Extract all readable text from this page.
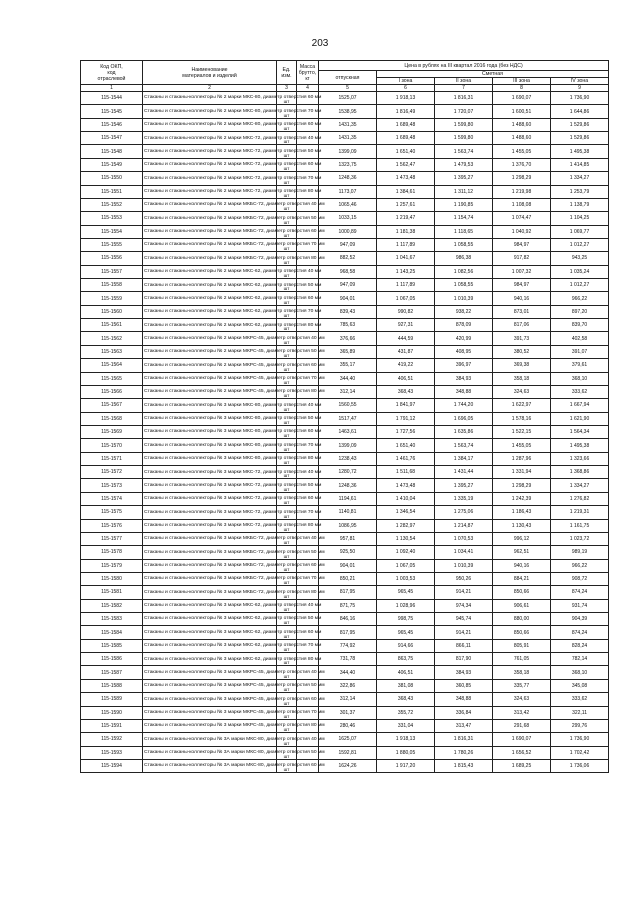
203
Код ОКП,
код
отраслевой	Наименование
материалов и изделий	Ед.
изм.	Масса
брутто,
кг	Цена в рублях на III квартал 2016 года (без НДС)				
				отпускная	Сметная			
					I зона	II зона	III зона	IV зона
1	2	3	4	5	6	7	8	9
115-1544	Стаканы и стаканы-коллекторы № 2 марки МКС-80, диаметр отверстия 60 мм	шт		1525,07	1 918,13	1 816,31	1 690,07	1 736,90
115-1545	Стаканы и стаканы-коллекторы № 2 марки МКС-80, диаметр отверстия 70 мм	шт		1538,95	1 816,49	1 720,07	1 600,51	1 644,86
115-1546	Стаканы и стаканы-коллекторы № 2 марки МКС-80, диаметр отверстия 60 мм	шт		1431,35	1 689,48	1 599,80	1 488,60	1 529,86
115-1547	Стаканы и стаканы-коллекторы № 2 марки МКС-72, диаметр отверстия 40 мм	шт		1431,35	1 689,48	1 599,80	1 488,60	1 529,86
115-1548	Стаканы и стаканы-коллекторы № 2 марки МКС-72, диаметр отверстия 50 мм	шт		1399,09	1 651,40	1 563,74	1 455,05	1 495,38
115-1549	Стаканы и стаканы-коллекторы № 2 марки МКС-72, диаметр отверстия 60 мм	шт		1323,75	1 562,47	1 479,53	1 376,70	1 414,85
115-1550	Стаканы и стаканы-коллекторы № 2 марки МКС-72, диаметр отверстия 70 мм	шт		1248,36	1 473,48	1 395,27	1 298,29	1 334,27
115-1551	Стаканы и стаканы-коллекторы № 2 марки МКС-72, диаметр отверстия 80 мм	шт		1173,07	1 384,61	1 311,12	1 219,98	1 253,79
115-1552	Стаканы и стаканы-коллекторы № 2 марки МКБС-72, диаметр отверстия 40 мм	шт		1065,46	1 257,61	1 190,85	1 108,08	1 138,79
115-1553	Стаканы и стаканы-коллекторы № 2 марки МКБС-72, диаметр отверстия 50 мм	шт		1033,15	1 219,47	1 154,74	1 074,47	1 104,25
115-1554	Стаканы и стаканы-коллекторы № 2 марки МКБС-72, диаметр отверстия 60 мм	шт		1000,89	1 181,38	1 118,65	1 040,92	1 069,77
115-1555	Стаканы и стаканы-коллекторы № 2 марки МКБС-72, диаметр отверстия 70 мм	шт		947,09	1 117,89	1 058,55	984,97	1 012,27
115-1556	Стаканы и стаканы-коллекторы № 2 марки МКБС-72, диаметр отверстия 80 мм	шт		882,52	1 041,67	986,38	917,82	943,25
115-1557	Стаканы и стаканы-коллекторы № 2 марки МКС-62, диаметр отверстия 40 мм	шт		968,58	1 143,25	1 082,56	1 007,32	1 035,24
115-1558	Стаканы и стаканы-коллекторы № 2 марки МКС-62, диаметр отверстия 50 мм	шт		947,09	1 117,89	1 058,55	984,97	1 012,27
115-1559	Стаканы и стаканы-коллекторы № 2 марки МКС-62, диаметр отверстия 60 мм	шт		904,01	1 067,05	1 010,39	940,16	966,22
115-1560	Стаканы и стаканы-коллекторы № 2 марки МКС-62, диаметр отверстия 70 мм	шт		839,43	990,82	938,22	873,01	897,20
115-1561	Стаканы и стаканы-коллекторы № 2 марки МКС-62, диаметр отверстия 80 мм	шт		785,63	927,31	878,09	817,06	839,70
115-1562	Стаканы и стаканы-коллекторы № 2 марки МКРС-45, диаметр отверстия 40 мм	шт		376,66	444,59	420,99	391,73	402,58
115-1563	Стаканы и стаканы-коллекторы № 2 марки МКРС-45, диаметр отверстия 50 мм	шт		365,89	431,87	408,95	380,52	391,07
115-1564	Стаканы и стаканы-коллекторы № 2 марки МКРС-45, диаметр отверстия 60 мм	шт		355,17	419,22	396,97	369,38	379,61
115-1565	Стаканы и стаканы-коллекторы № 2 марки МКРС-45, диаметр отверстия 70 мм	шт		344,40	406,51	384,93	358,18	368,10
115-1566	Стаканы и стаканы-коллекторы № 2 марки МКРС-45, диаметр отверстия 80 мм	шт		312,14	368,43	348,88	324,63	333,62
115-1567	Стаканы и стаканы-коллекторы № 3 марки МКС-80, диаметр отверстия 40 мм	шт		1560,55	1 841,97	1 744,20	1 622,97	1 667,94
115-1568	Стаканы и стаканы-коллекторы № 3 марки МКС-80, диаметр отверстия 50 мм	шт		1517,47	1 791,12	1 696,05	1 578,16	1 621,90
115-1569	Стаканы и стаканы-коллекторы № 3 марки МКС-80, диаметр отверстия 60 мм	шт		1463,61	1 727,56	1 635,86	1 522,15	1 564,34
115-1570	Стаканы и стаканы-коллекторы № 3 марки МКС-80, диаметр отверстия 70 мм	шт		1399,09	1 651,40	1 563,74	1 455,05	1 495,38
115-1571	Стаканы и стаканы-коллекторы № 3 марки МКС-80, диаметр отверстия 80 мм	шт		1238,43	1 461,76	1 384,17	1 287,96	1 323,66
115-1572	Стаканы и стаканы-коллекторы № 3 марки МКС-72, диаметр отверстия 40 мм	шт		1280,72	1 511,68	1 431,44	1 331,94	1 368,86
115-1573	Стаканы и стаканы-коллекторы № 3 марки МКС-72, диаметр отверстия 50 мм	шт		1248,36	1 473,48	1 395,27	1 298,29	1 334,27
115-1574	Стаканы и стаканы-коллекторы № 3 марки МКС-72, диаметр отверстия 60 мм	шт		1194,61	1 410,04	1 335,19	1 242,39	1 276,82
115-1575	Стаканы и стаканы-коллекторы № 3 марки МКС-72, диаметр отверстия 70 мм	шт		1140,81	1 346,54	1 275,06	1 186,43	1 219,31
115-1576	Стаканы и стаканы-коллекторы № 3 марки МКС-72, диаметр отверстия 80 мм	шт		1086,95	1 282,97	1 214,87	1 130,43	1 161,75
115-1577	Стаканы и стаканы-коллекторы № 3 марки МКБС-72, диаметр отверстия 40 мм	шт		957,81	1 130,54	1 070,53	996,12	1 023,72
115-1578	Стаканы и стаканы-коллекторы № 3 марки МКБС-72, диаметр отверстия 50 мм	шт		925,50	1 092,40	1 034,41	962,51	989,19
115-1579	Стаканы и стаканы-коллекторы № 3 марки МКБС-72, диаметр отверстия 60 мм	шт		904,01	1 067,05	1 010,39	940,16	966,22
115-1580	Стаканы и стаканы-коллекторы № 3 марки МКБС-72, диаметр отверстия 70 мм	шт		850,21	1 003,53	950,26	884,21	908,72
115-1581	Стаканы и стаканы-коллекторы № 3 марки МКБС-72, диаметр отверстия 80 мм	шт		817,95	965,45	914,21	850,66	874,24
115-1582	Стаканы и стаканы-коллекторы № 3 марки МКС-62, диаметр отверстия 40 мм	шт		871,75	1 028,96	974,34	906,61	931,74
115-1583	Стаканы и стаканы-коллекторы № 3 марки МКС-62, диаметр отверстия 50 мм	шт		846,16	998,75	945,74	880,00	904,39
115-1584	Стаканы и стаканы-коллекторы № 3 марки МКС-62, диаметр отверстия 60 мм	шт		817,95	965,45	914,21	850,66	874,24
115-1585	Стаканы и стаканы-коллекторы № 3 марки МКС-62, диаметр отверстия 70 мм	шт		774,92	914,66	866,11	805,91	828,24
115-1586	Стаканы и стаканы-коллекторы № 3 марки МКС-62, диаметр отверстия 80 мм	шт		731,78	863,75	817,90	761,05	782,14
115-1587	Стаканы и стаканы-коллекторы № 3 марки МКРС-45, диаметр отверстия 40 мм	шт		344,40	406,51	384,93	358,18	368,10
115-1588	Стаканы и стаканы-коллекторы № 3 марки МКРС-45, диаметр отверстия 50 мм	шт		322,86	381,08	360,85	335,77	345,08
115-1589	Стаканы и стаканы-коллекторы № 3 марки МКРС-45, диаметр отверстия 60 мм	шт		312,14	368,43	348,88	324,63	333,62
115-1590	Стаканы и стаканы-коллекторы № 3 марки МКРС-45, диаметр отверстия 70 мм	шт		301,37	355,72	336,84	313,42	322,11
115-1591	Стаканы и стаканы-коллекторы № 3 марки МКРС-45, диаметр отверстия 80 мм	шт		280,46	331,04	313,47	291,68	299,76
115-1592	Стаканы и стаканы-коллекторы № 3А марки МКС-80, диаметр отверстия 40 мм	шт		1625,07	1 918,13	1 816,31	1 690,07	1 736,90
115-1593	Стаканы и стаканы-коллекторы № 3А марки МКС-80, диаметр отверстия 50 мм	шт		1592,81	1 880,05	1 780,26	1 656,52	1 702,42
115-1594	Стаканы и стаканы-коллекторы № 3А марки МКС-80, диаметр отверстия 60 мм	шт		1624,26	1 917,20	1 815,43	1 689,25	1 736,06
